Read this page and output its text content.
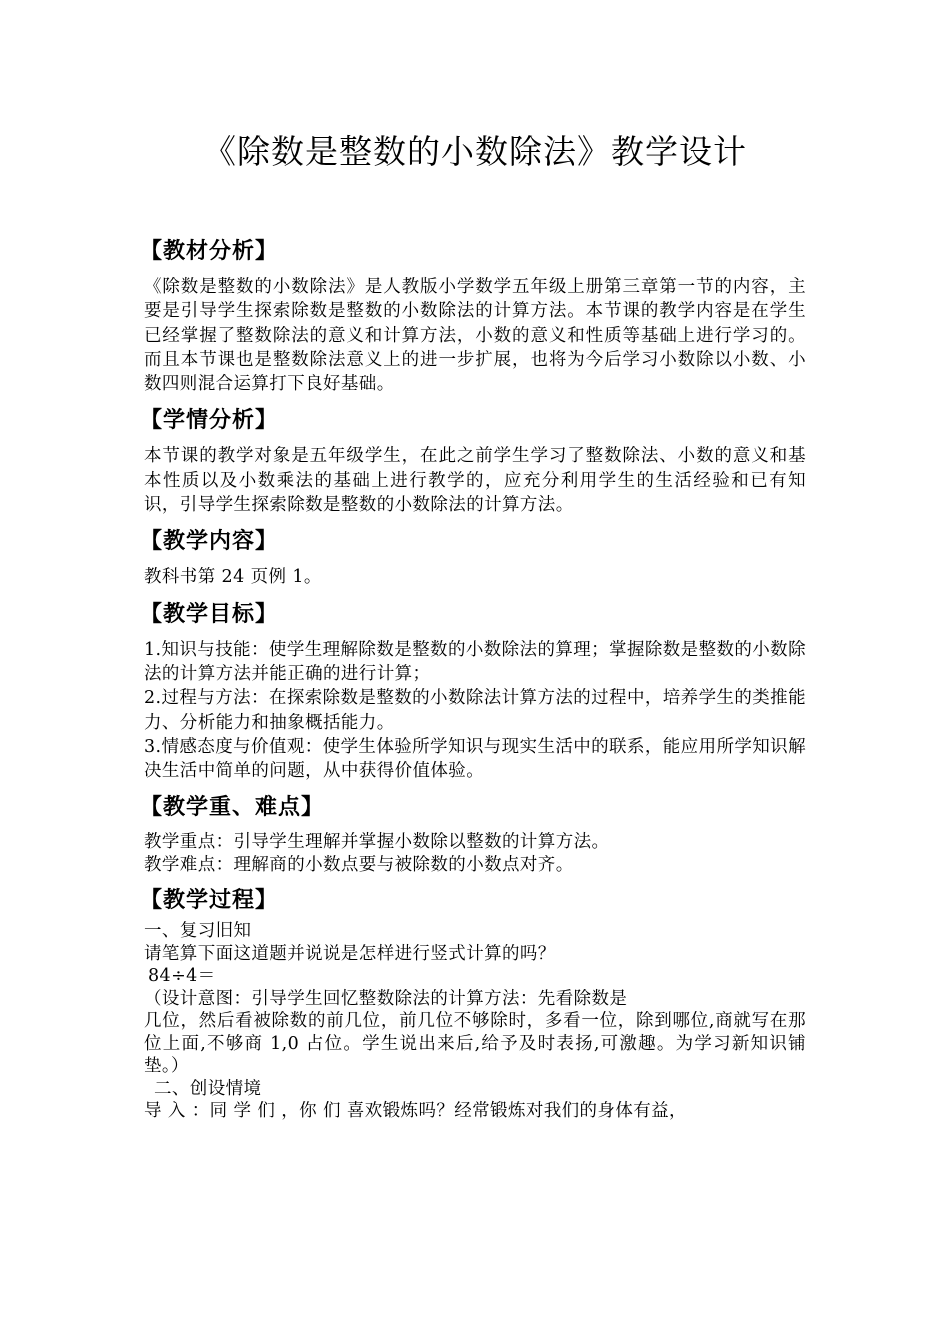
《除数是整数的小数除法》教学设计
【教材分析】

《除数是整数的小数除法》是人教版小学数学五年级上册第三章第一节的内容，主要是引导学生探索除数是整数的小数除法的计算方法。本节课的教学内容是在学生已经掌握了整数除法的意义和计算方法，小数的意义和性质等基础上进行学习的。而且本节课也是整数除法意义上的进一步扩展，也将为今后学习小数除以小数、小数四则混合运算打下良好基础。

【学情分析】

本节课的教学对象是五年级学生，在此之前学生学习了整数除法、小数的意义和基本性质以及小数乘法的基础上进行教学的，应充分利用学生的生活经验和已有知识，引导学生探索除数是整数的小数除法的计算方法。

【教学内容】

教科书第 24 页例 1。

【教学目标】

1.知识与技能：使学生理解除数是整数的小数除法的算理；掌握除数是整数的小数除法的计算方法并能正确的进行计算；

2.过程与方法：在探索除数是整数的小数除法计算方法的过程中，培养学生的类推能力、分析能力和抽象概括能力。

3.情感态度与价值观：使学生体验所学知识与现实生活中的联系，能应用所学知识解决生活中简单的问题，从中获得价值体验。

【教学重、难点】

教学重点：引导学生理解并掌握小数除以整数的计算方法。

教学难点：理解商的小数点要与被除数的小数点对齐。

【教学过程】

一、复习旧知

请笔算下面这道题并说说是怎样进行竖式计算的吗？

84÷4＝

（设计意图：引导学生回忆整数除法的计算方法：先看除数是

几位，然后看被除数的前几位，前几位不够除时，多看一位，除到哪位,商就写在那位上面,不够商 1,0 占位。学生说出来后,给予及时表扬,可激趣。为学习新知识铺垫。）

二、创设情境

导 入 ：同 学 们 ，你 们 喜欢锻炼吗？经常锻炼对我们的身体有益，
